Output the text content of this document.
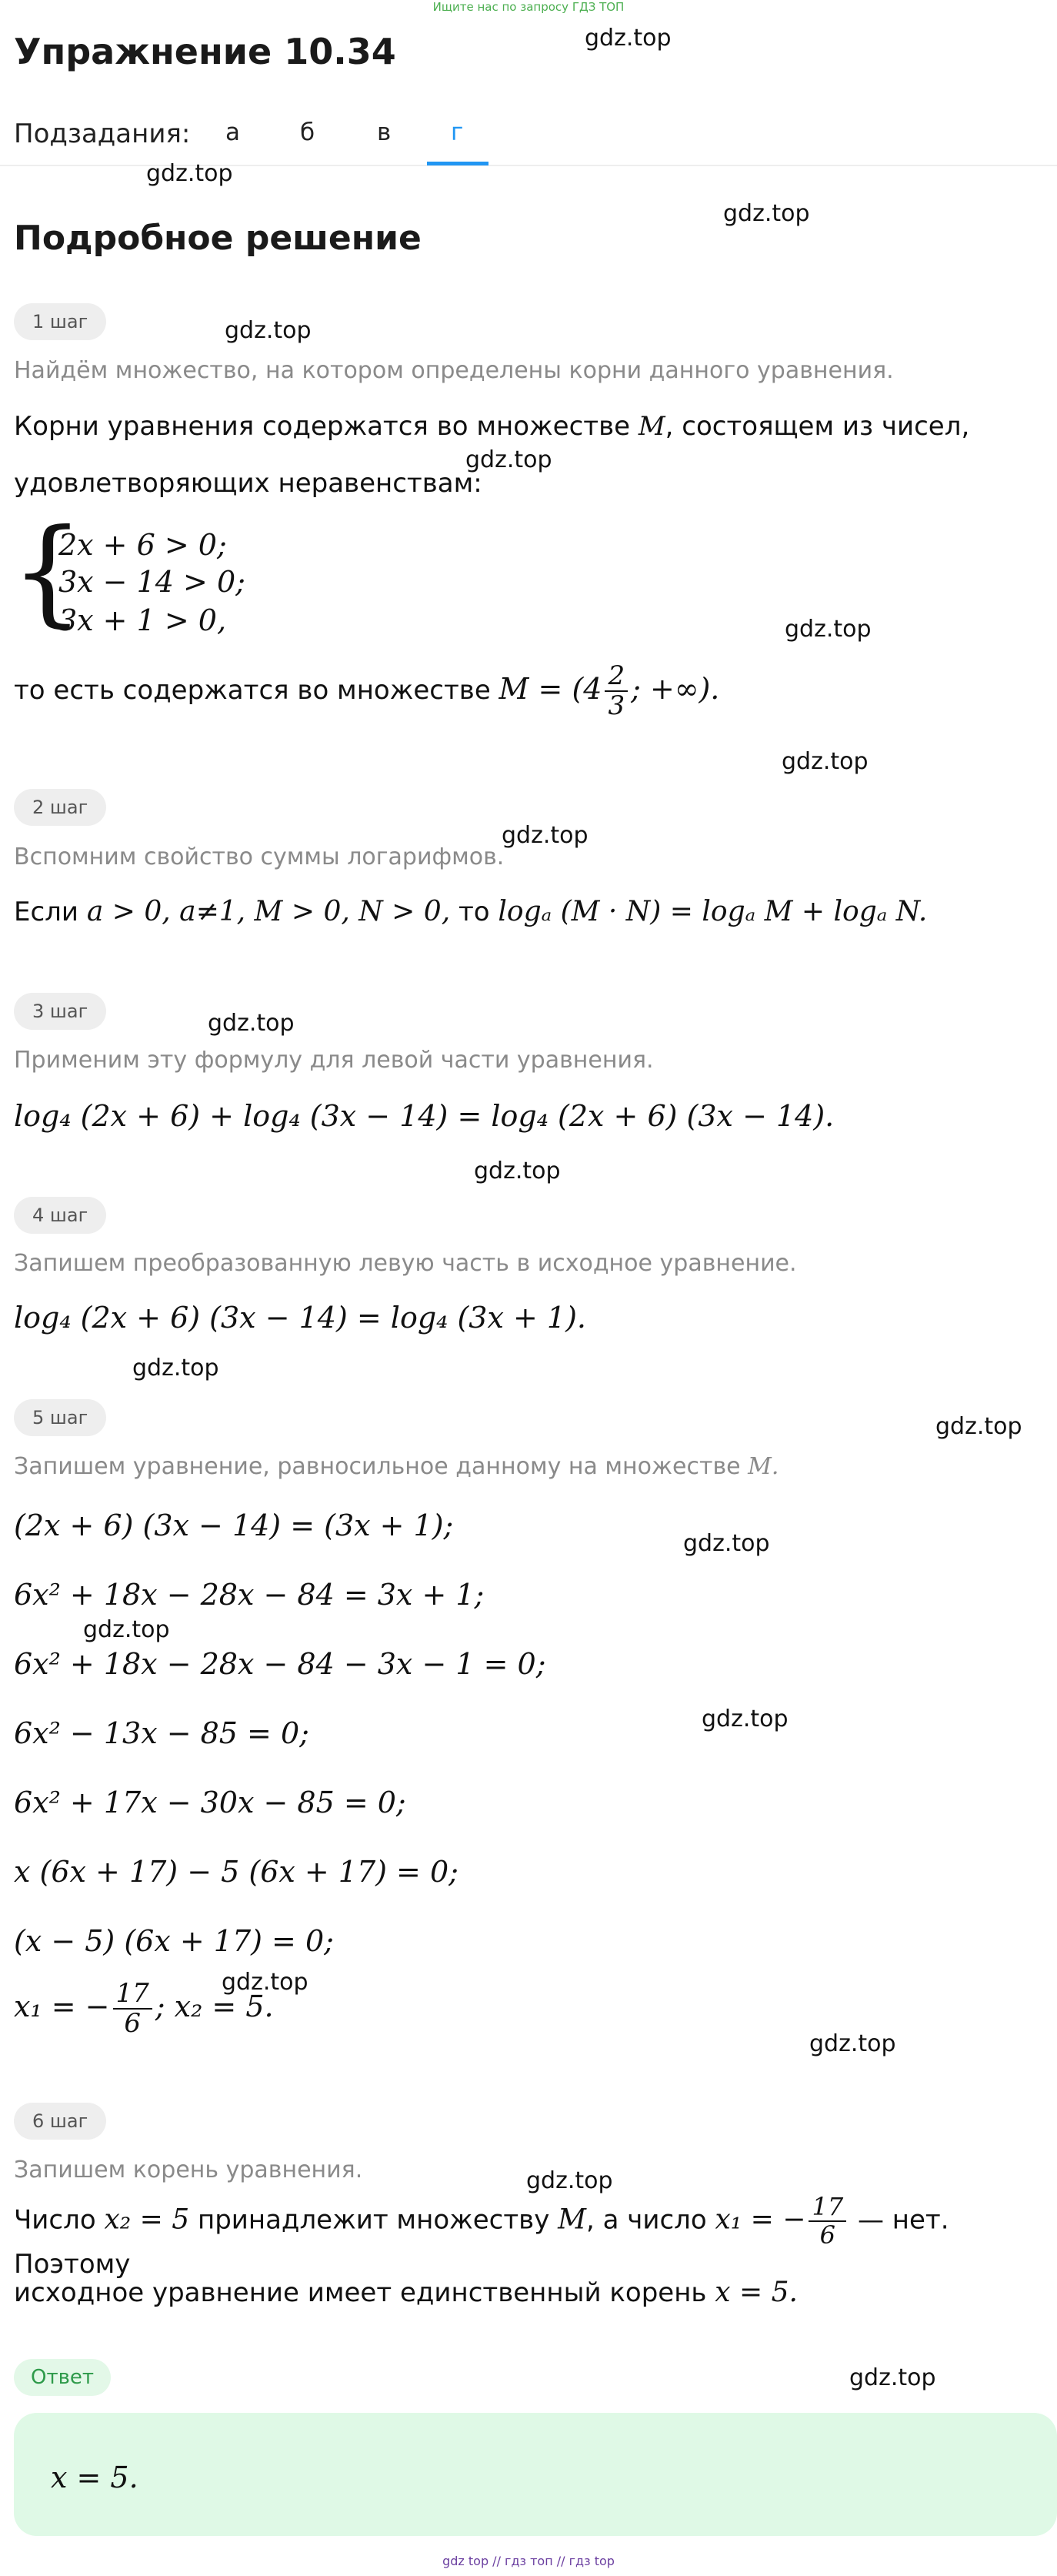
Ищите нас по запросу ГДЗ ТОП
Упражнение 10.34
Подзадания: а	б	в	г
Подробное решение
gdz.top
gdz.top
gdz.top
gdz.top
gdz.top
gdz.top
gdz.top
gdz.top
gdz.top
gdz.top
gdz.top
gdz.top
gdz.top
gdz.top
gdz.top
gdz.top
gdz.top
gdz.top
gdz.top
1 шаг
Найдём множество, на котором определены корни данного уравнения.
Корни уравнения содержатся во множестве M, состоящем из чисел,
удовлетворяющих неравенствам:
{
2x + 6 > 0;
3x − 14 > 0;
3x + 1 > 0,
то есть содержатся во множестве $M = (4 \frac{2}{3}$ ; +∞).
2 шаг
Вспомним свойство суммы логарифмов.
Если a > 0, a≠1, M > 0, N > 0, то logₐ (M · N) = logₐ M + logₐ N.
3 шаг
Применим эту формулу для левой части уравнения.
log₄ (2x + 6) + log₄ (3x − 14) = log₄ (2x + 6) (3x − 14).
4 шаг
Запишем преобразованную левую часть в исходное уравнение.
log₄ (2x + 6) (3x − 14) = log₄ (3x + 1).
5 шаг
Запишем уравнение, равносильное данному на множестве M.
(2x + 6) (3x − 14) = (3x + 1);
6x² + 18x − 28x − 84 = 3x + 1;
6x² + 18x − 28x − 84 − 3x − 1 = 0;
6x² − 13x − 85 = 0;
6x² + 17x − 30x − 85 = 0;
x (6x + 17) − 5 (6x + 17) = 0;
(x − 5) (6x + 17) = 0;
x₁ = − $\frac{17}{6}$ ; x₂ = 5.
6 шаг
Запишем корень уравнения.
Число x₂ = 5 принадлежит множеству M, а число x₁ = − $\frac{17}{6}$ — нет. Поэтому
исходное уравнение имеет единственный корень x = 5.
Ответ
x = 5.
gdz top // гдз топ // гдз top
